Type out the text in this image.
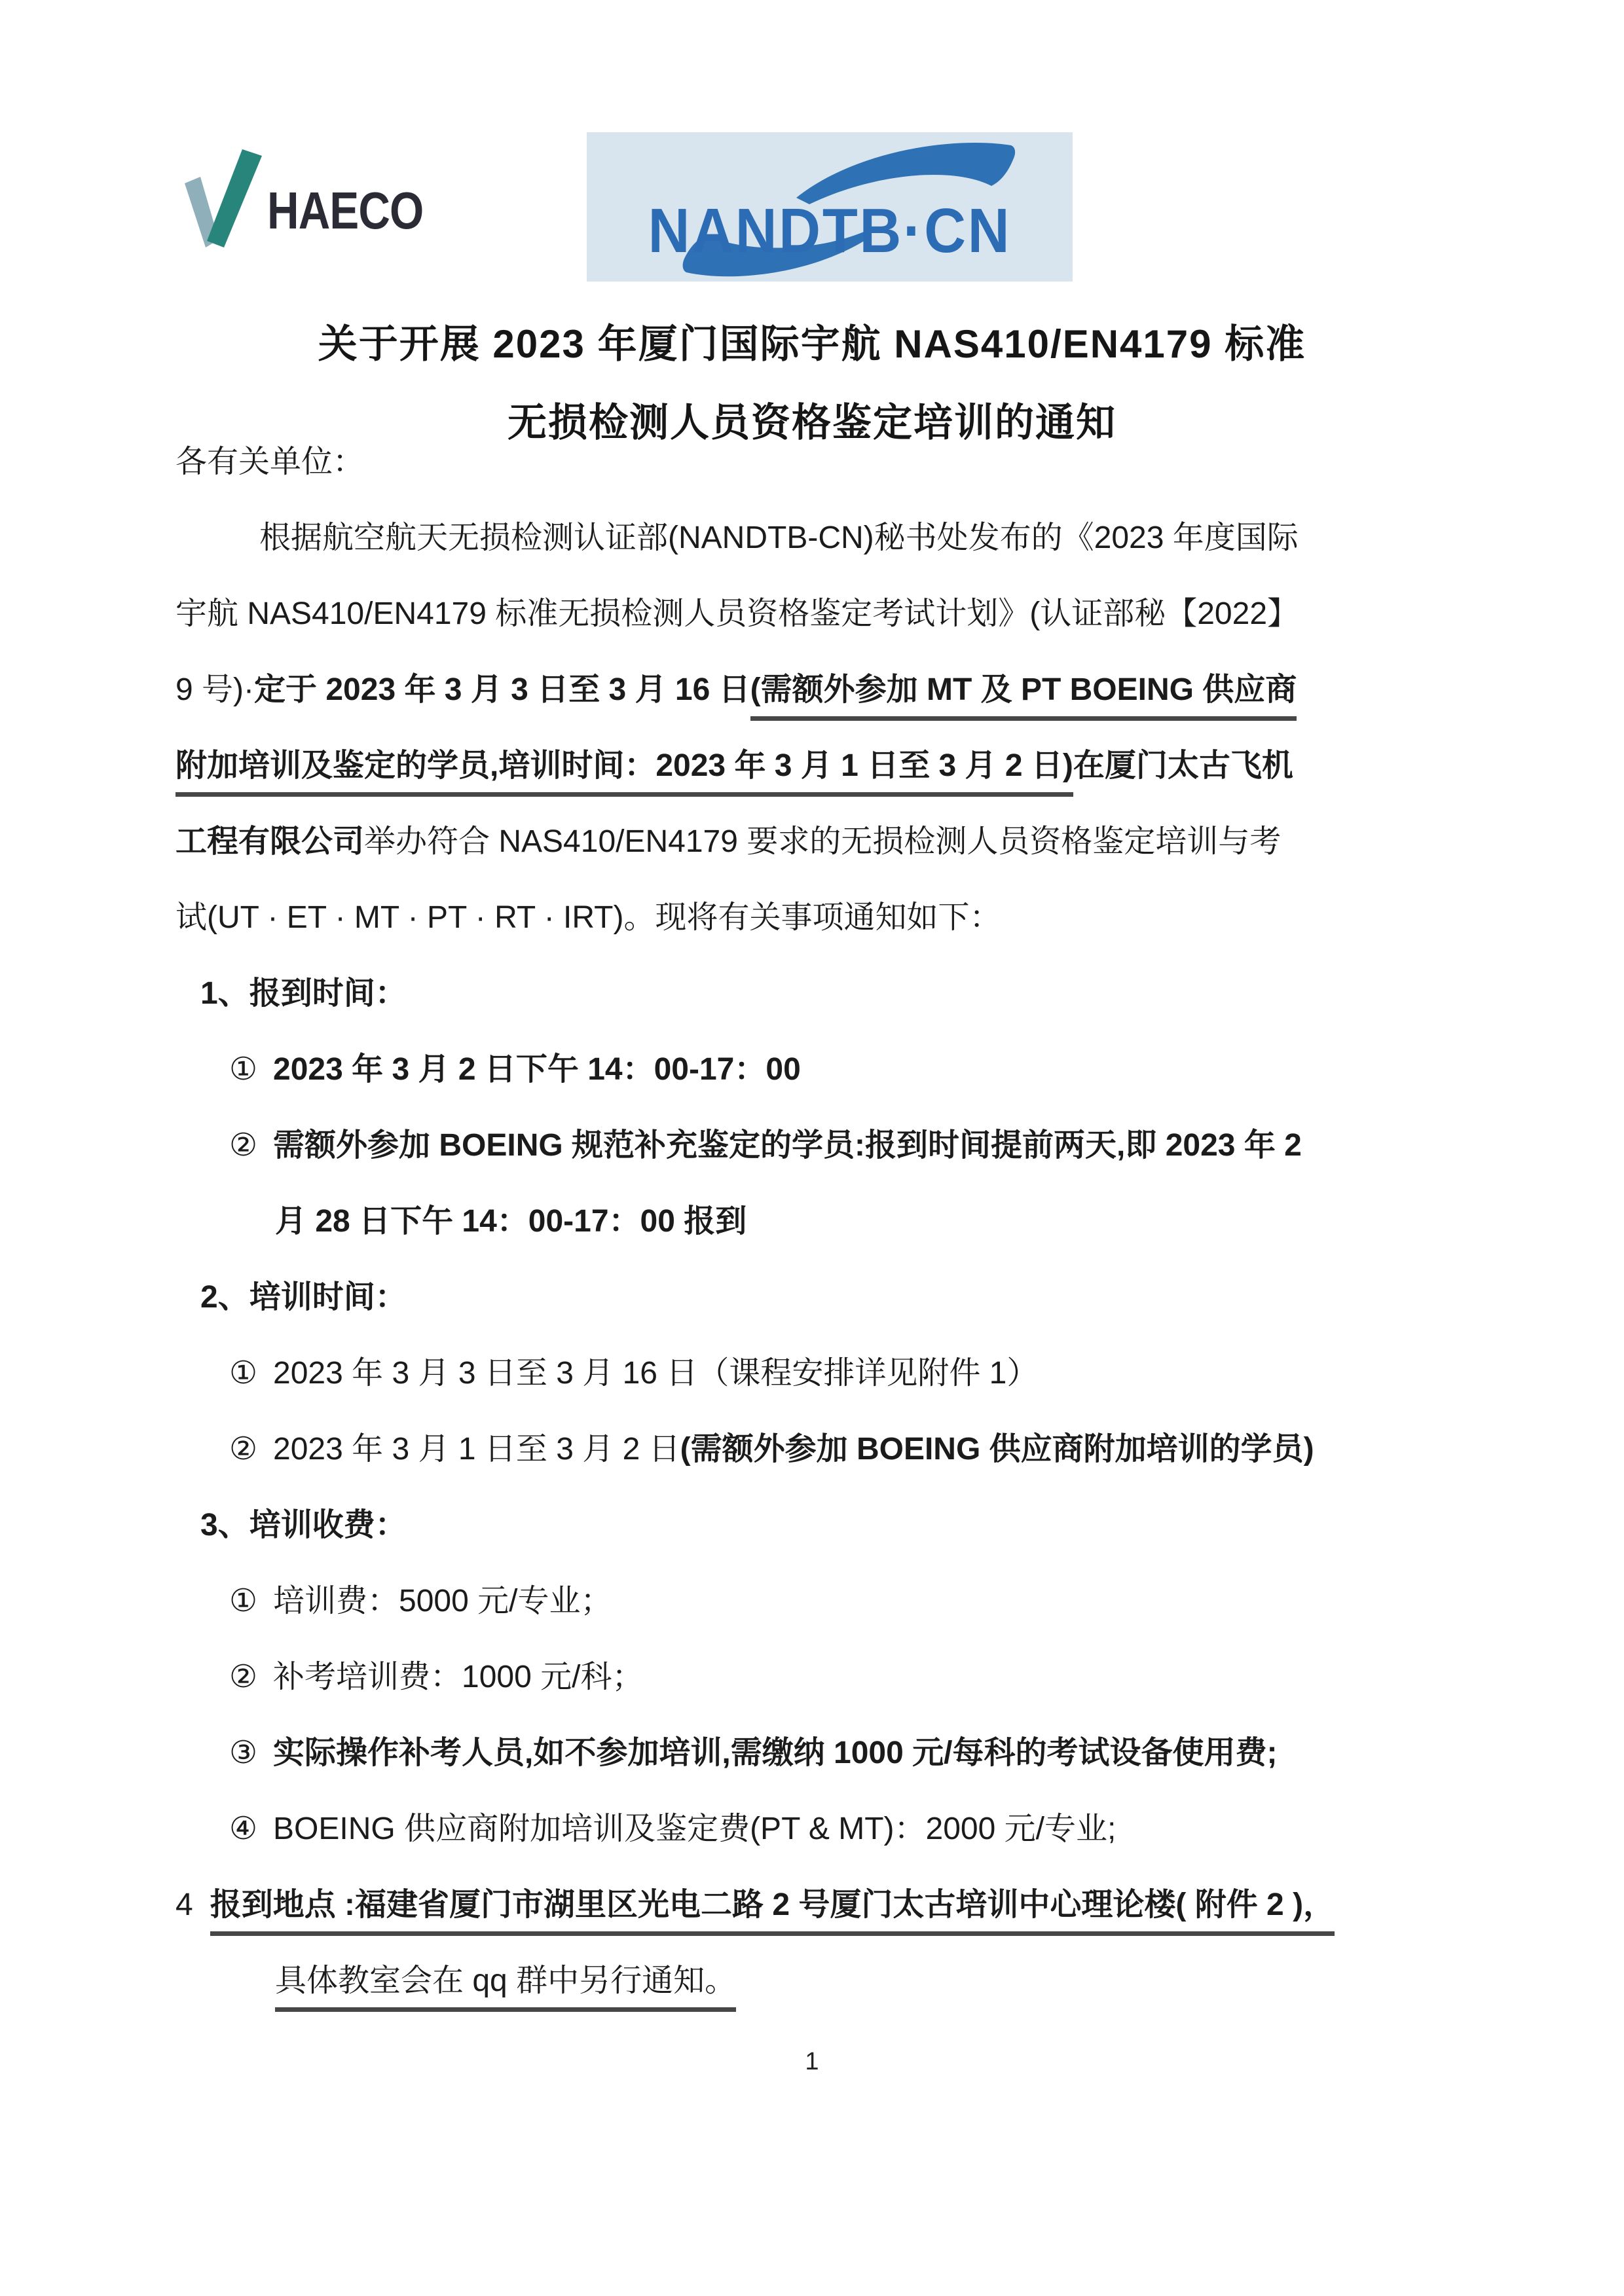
HAECO	NANDTB·CN
关于开展 2023 年厦门国际宇航 NAS410/EN4179 标准
无损检测人员资格鉴定培训的通知
各有关单位：
根据航空航天无损检测认证部(NANDTB-CN)秘书处发布的《2023 年度国际
宇航 NAS410/EN4179 标准无损检测人员资格鉴定考试计划》(认证部秘【2022】
9 号)·定于 2023 年 3 月 3 日至 3 月 16 日(需额外参加 MT 及 PT BOEING 供应商
附加培训及鉴定的学员,培训时间：2023 年 3 月 1 日至 3 月 2 日)在厦门太古飞机
工程有限公司举办符合 NAS410/EN4179 要求的无损检测人员资格鉴定培训与考
试(UT · ET · MT · PT · RT · IRT)。现将有关事项通知如下：
1、报到时间：
① 2023 年 3 月 2 日下午 14：00-17：00
② 需额外参加 BOEING 规范补充鉴定的学员:报到时间提前两天,即 2023 年 2
月 28 日下午 14：00-17：00 报到
2、培训时间：
① 2023 年 3 月 3 日至 3 月 16 日（课程安排详见附件 1）
② 2023 年 3 月 1 日至 3 月 2 日(需额外参加 BOEING 供应商附加培训的学员)
3、培训收费：
① 培训费：5000 元/专业；
② 补考培训费：1000 元/科；
③ 实际操作补考人员,如不参加培训,需缴纳 1000 元/每科的考试设备使用费;
④ BOEING 供应商附加培训及鉴定费(PT & MT)：2000 元/专业;
4 报到地点 :福建省厦门市湖里区光电二路 2 号厦门太古培训中心理论楼( 附件 2 )，
具体教室会在 qq 群中另行通知。
1
